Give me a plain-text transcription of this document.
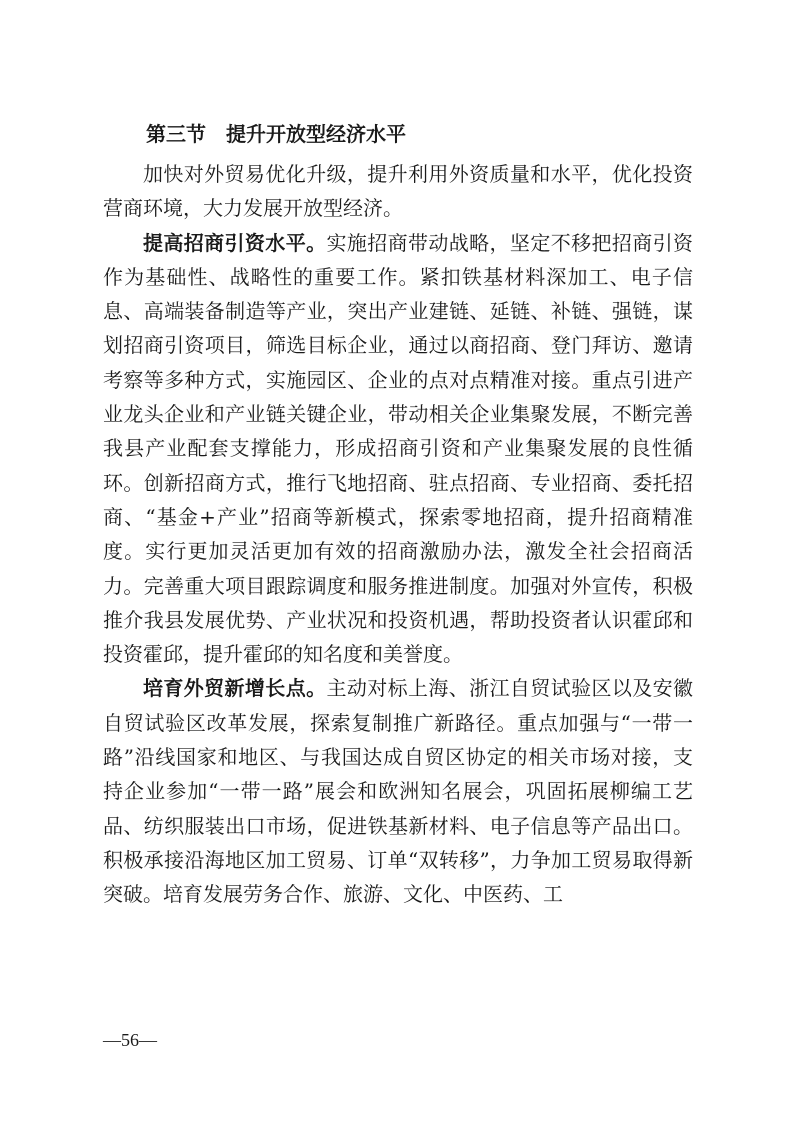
第三节 提升开放型经济水平

加快对外贸易优化升级，提升利用外资质量和水平，优化投资营商环境，大力发展开放型经济。

提高招商引资水平。实施招商带动战略，坚定不移把招商引资作为基础性、战略性的重要工作。紧扣铁基材料深加工、电子信息、高端装备制造等产业，突出产业建链、延链、补链、强链，谋划招商引资项目，筛选目标企业，通过以商招商、登门拜访、邀请考察等多种方式，实施园区、企业的点对点精准对接。重点引进产业龙头企业和产业链关键企业，带动相关企业集聚发展，不断完善我县产业配套支撑能力，形成招商引资和产业集聚发展的良性循环。创新招商方式，推行飞地招商、驻点招商、专业招商、委托招商、“基金+产业”招商等新模式，探索零地招商，提升招商精准度。实行更加灵活更加有效的招商激励办法，激发全社会招商活力。完善重大项目跟踪调度和服务推进制度。加强对外宣传，积极推介我县发展优势、产业状况和投资机遇，帮助投资者认识霍邱和投资霍邱，提升霍邱的知名度和美誉度。

培育外贸新增长点。主动对标上海、浙江自贸试验区以及安徽自贸试验区改革发展，探索复制推广新路径。重点加强与“一带一路”沿线国家和地区、与我国达成自贸区协定的相关市场对接，支持企业参加“一带一路”展会和欧洲知名展会，巩固拓展柳编工艺品、纺织服装出口市场，促进铁基新材料、电子信息等产品出口。积极承接沿海地区加工贸易、订单“双转移”，力争加工贸易取得新突破。培育发展劳务合作、旅游、文化、中医药、工

—56—
